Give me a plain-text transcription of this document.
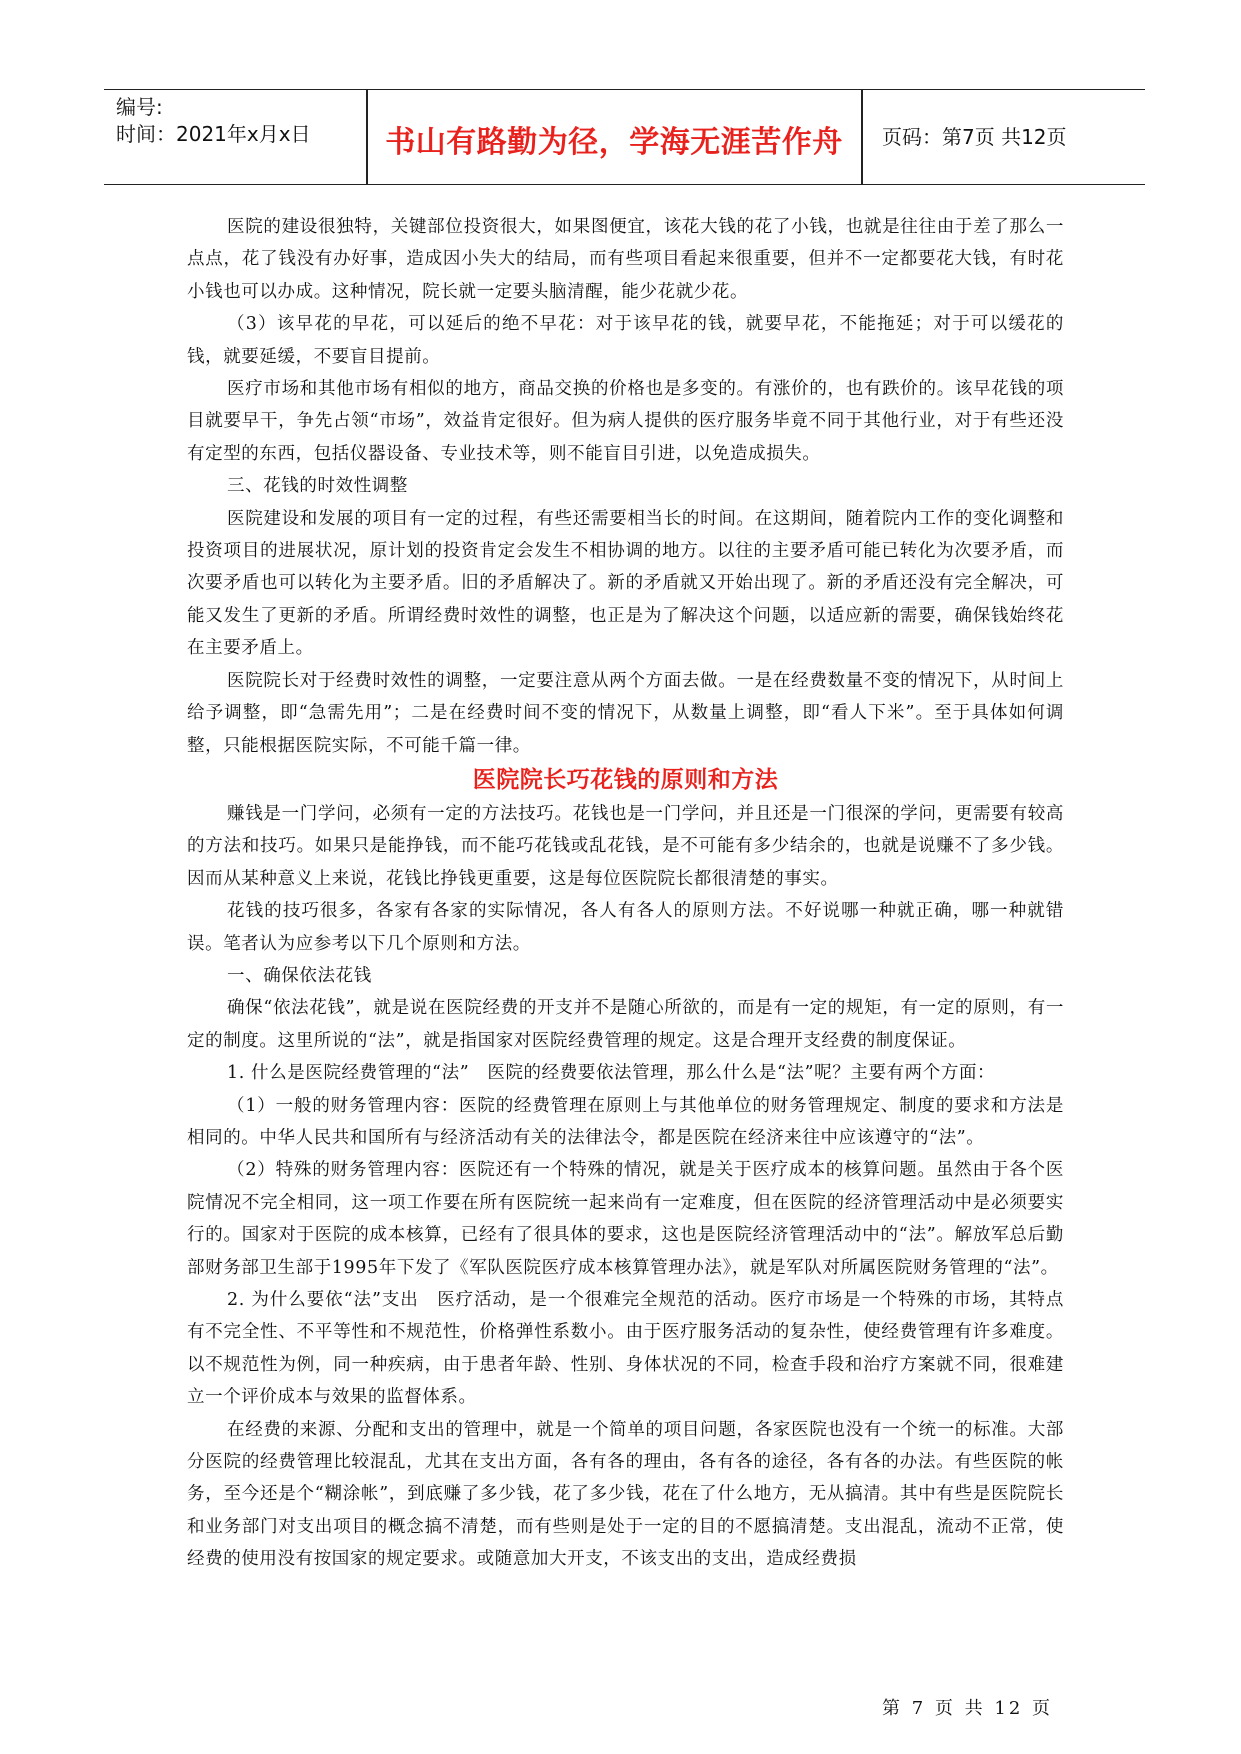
编号:
时间：2021年x月x日	书山有路勤为径，学海无涯苦作舟	页码：第7页 共12页

医院的建设很独特，关键部位投资很大，如果图便宜，该花大钱的花了小钱，也就是往往由于差了那么一点点，花了钱没有办好事，造成因小失大的结局，而有些项目看起来很重要，但并不一定都要花大钱，有时花小钱也可以办成。这种情况，院长就一定要头脑清醒，能少花就少花。

（3）该早花的早花，可以延后的绝不早花：对于该早花的钱，就要早花，不能拖延；对于可以缓花的钱，就要延缓，不要盲目提前。

医疗市场和其他市场有相似的地方，商品交换的价格也是多变的。有涨价的，也有跌价的。该早花钱的项目就要早干，争先占领“市场”，效益肯定很好。但为病人提供的医疗服务毕竟不同于其他行业，对于有些还没有定型的东西，包括仪器设备、专业技术等，则不能盲目引进，以免造成损失。

三、花钱的时效性调整

医院建设和发展的项目有一定的过程，有些还需要相当长的时间。在这期间，随着院内工作的变化调整和投资项目的进展状况，原计划的投资肯定会发生不相协调的地方。以往的主要矛盾可能已转化为次要矛盾，而次要矛盾也可以转化为主要矛盾。旧的矛盾解决了。新的矛盾就又开始出现了。新的矛盾还没有完全解决，可能又发生了更新的矛盾。所谓经费时效性的调整，也正是为了解决这个问题，以适应新的需要，确保钱始终花在主要矛盾上。

医院院长对于经费时效性的调整，一定要注意从两个方面去做。一是在经费数量不变的情况下，从时间上给予调整，即“急需先用”；二是在经费时间不变的情况下，从数量上调整，即“看人下米”。至于具体如何调整，只能根据医院实际，不可能千篇一律。

医院院长巧花钱的原则和方法

赚钱是一门学问，必须有一定的方法技巧。花钱也是一门学问，并且还是一门很深的学问，更需要有较高的方法和技巧。如果只是能挣钱，而不能巧花钱或乱花钱，是不可能有多少结余的，也就是说赚不了多少钱。因而从某种意义上来说，花钱比挣钱更重要，这是每位医院院长都很清楚的事实。

花钱的技巧很多，各家有各家的实际情况，各人有各人的原则方法。不好说哪一种就正确，哪一种就错误。笔者认为应参考以下几个原则和方法。

一、确保依法花钱

确保“依法花钱”，就是说在医院经费的开支并不是随心所欲的，而是有一定的规矩，有一定的原则，有一定的制度。这里所说的“法”，就是指国家对医院经费管理的规定。这是合理开支经费的制度保证。

1. 什么是医院经费管理的“法”　医院的经费要依法管理，那么什么是“法”呢？主要有两个方面：

（1）一般的财务管理内容：医院的经费管理在原则上与其他单位的财务管理规定、制度的要求和方法是相同的。中华人民共和国所有与经济活动有关的法律法令，都是医院在经济来往中应该遵守的“法”。

（2）特殊的财务管理内容：医院还有一个特殊的情况，就是关于医疗成本的核算问题。虽然由于各个医院情况不完全相同，这一项工作要在所有医院统一起来尚有一定难度，但在医院的经济管理活动中是必须要实行的。国家对于医院的成本核算，已经有了很具体的要求，这也是医院经济管理活动中的“法”。解放军总后勤部财务部卫生部于1995年下发了《军队医院医疗成本核算管理办法》，就是军队对所属医院财务管理的“法”。

2. 为什么要依“法”支出　医疗活动，是一个很难完全规范的活动。医疗市场是一个特殊的市场，其特点有不完全性、不平等性和不规范性，价格弹性系数小。由于医疗服务活动的复杂性，使经费管理有许多难度。以不规范性为例，同一种疾病，由于患者年龄、性别、身体状况的不同，检查手段和治疗方案就不同，很难建立一个评价成本与效果的监督体系。

在经费的来源、分配和支出的管理中，就是一个简单的项目问题，各家医院也没有一个统一的标准。大部分医院的经费管理比较混乱，尤其在支出方面，各有各的理由，各有各的途径，各有各的办法。有些医院的帐务，至今还是个“糊涂帐”，到底赚了多少钱，花了多少钱，花在了什么地方，无从搞清。其中有些是医院院长和业务部门对支出项目的概念搞不清楚，而有些则是处于一定的目的不愿搞清楚。支出混乱，流动不正常，使经费的使用没有按国家的规定要求。或随意加大开支，不该支出的支出，造成经费损

第 7 页 共 12 页
